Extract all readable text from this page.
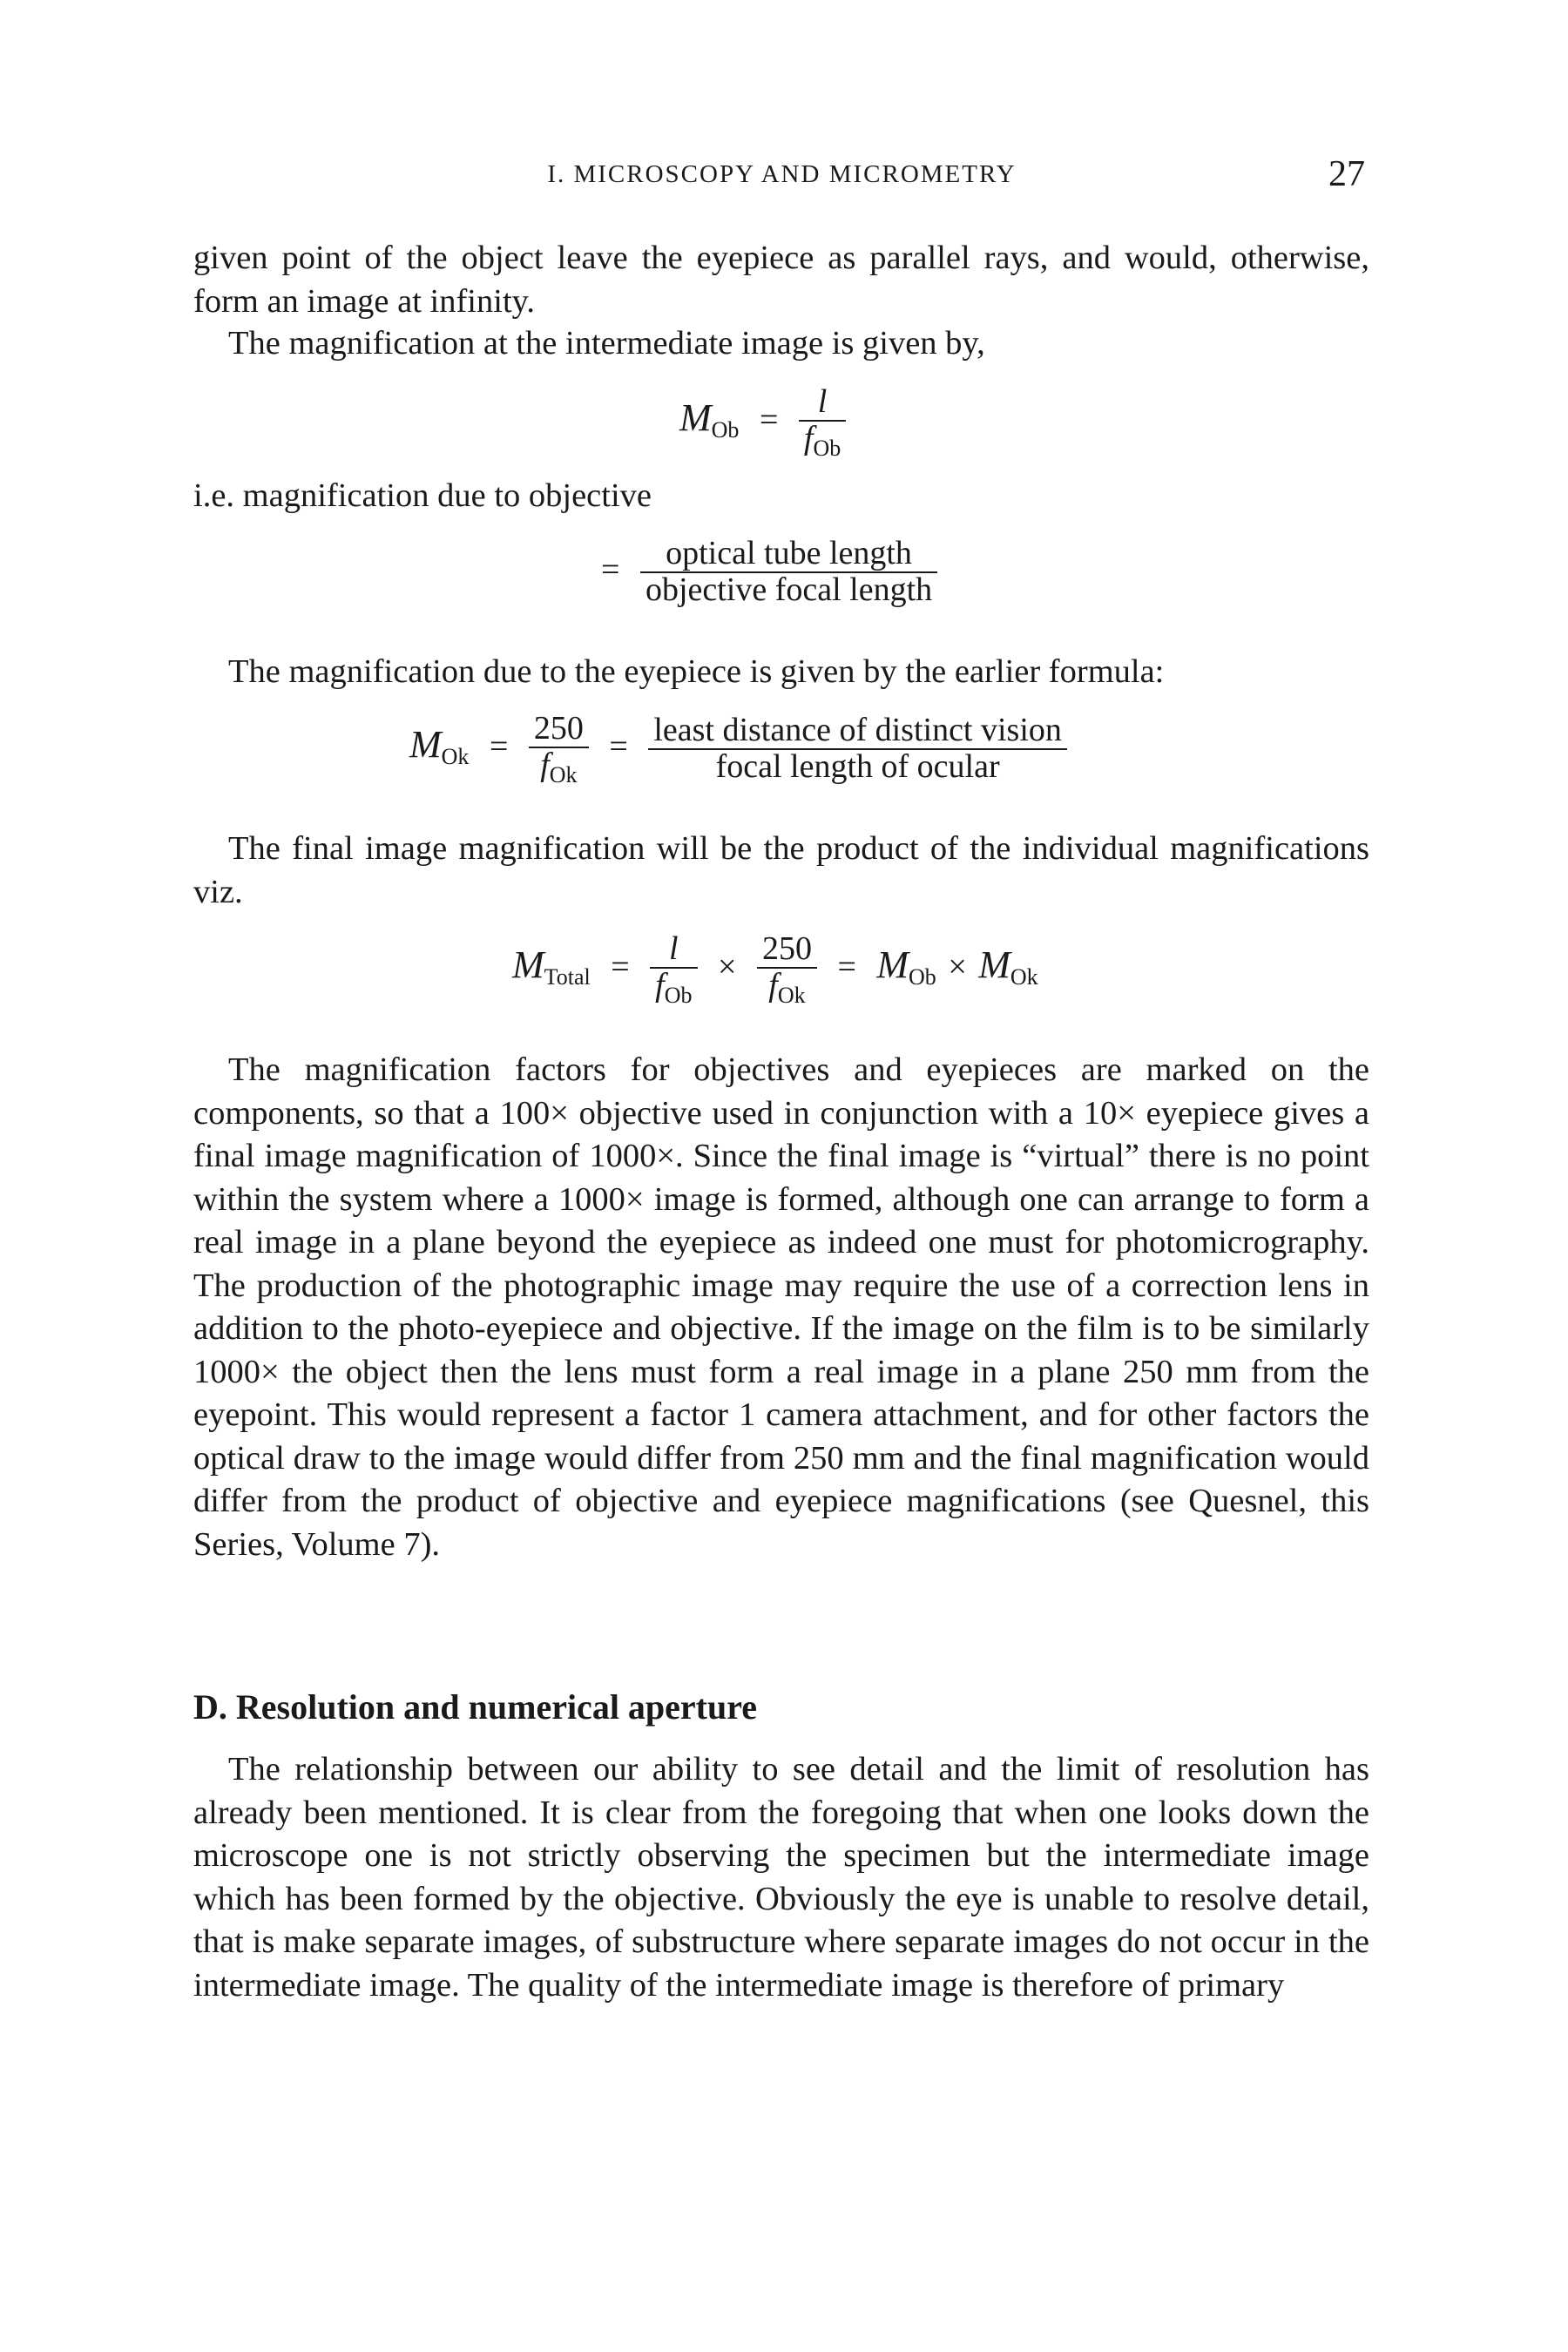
I. MICROSCOPY AND MICROMETRY	27

given point of the object leave the eyepiece as parallel rays, and would, otherwise, form an image at infinity.

The magnification at the intermediate image is given by,

$M_{Ob} = \frac{l}{f_{Ob}}$

i.e. magnification due to objective

= $\frac{\text{optical tube length}}{\text{objective focal length}}$

The magnification due to the eyepiece is given by the earlier formula:

$M_{Ok} = \frac{250}{f_{Ok}} = \frac{\text{least distance of distinct vision}}{\text{focal length of ocular}}$

The final image magnification will be the product of the individual magnifications viz.

$M_{Total} = \frac{l}{f_{Ob}} \times \frac{250}{f_{Ok}} = M_{Ob} \times M_{Ok}$

The magnification factors for objectives and eyepieces are marked on the components, so that a 100× objective used in conjunction with a 10× eyepiece gives a final image magnification of 1000×. Since the final image is “virtual” there is no point within the system where a 1000× image is formed, although one can arrange to form a real image in a plane beyond the eyepiece as indeed one must for photomicrography. The production of the photographic image may require the use of a correction lens in addition to the photo-eyepiece and objective. If the image on the film is to be similarly 1000× the object then the lens must form a real image in a plane 250 mm from the eyepoint. This would represent a factor 1 camera attachment, and for other factors the optical draw to the image would differ from 250 mm and the final magnification would differ from the product of objective and eyepiece magnifications (see Quesnel, this Series, Volume 7).

D. Resolution and numerical aperture

The relationship between our ability to see detail and the limit of resolution has already been mentioned. It is clear from the foregoing that when one looks down the microscope one is not strictly observing the specimen but the intermediate image which has been formed by the objective. Obviously the eye is unable to resolve detail, that is make separate images, of substructure where separate images do not occur in the intermediate image. The quality of the intermediate image is therefore of primary
